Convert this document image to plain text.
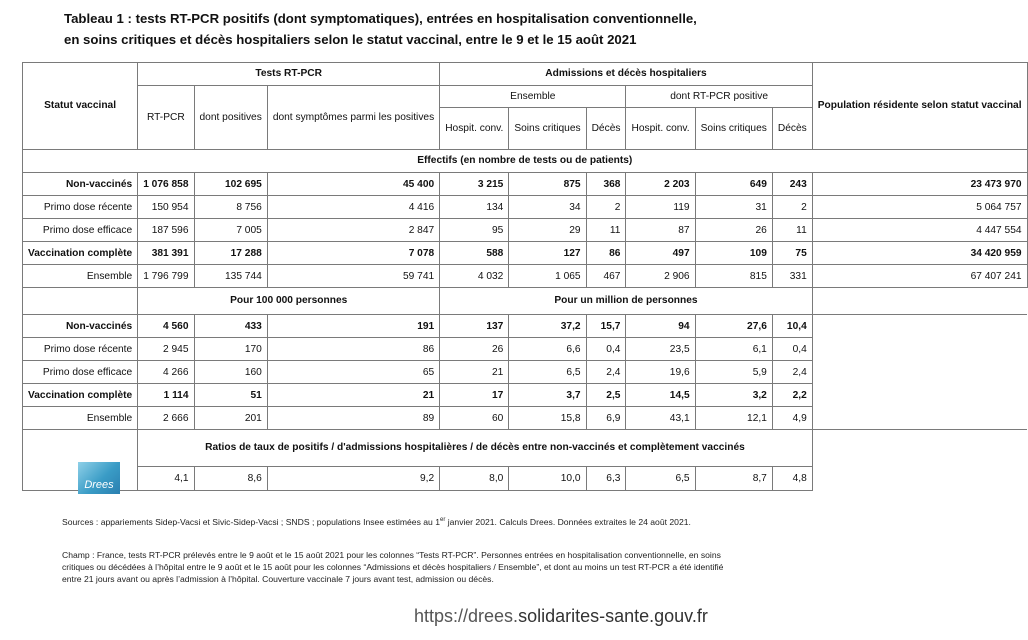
Tableau 1 : tests RT-PCR positifs (dont symptomatiques), entrées en hospitalisation conventionnelle,
en soins critiques et décès hospitaliers selon le statut vaccinal, entre le 9 et le 15 août 2021
Statut vaccinal	Tests RT-PCR			Admissions et décès hospitaliers						Population résidente selon statut vaccinal
	RT-PCR	dont positives	dont symptômes parmi les positives	Ensemble			dont RT-PCR positive			
				Hospit. conv.	Soins critiques	Décès	Hospit. conv.	Soins critiques	Décès	
Effectifs (en nombre de tests ou de patients)										
Non-vaccinés	1 076 858	102 695	45 400	3 215	875	368	2 203	649	243	23 473 970
Primo dose récente	150 954	8 756	4 416	134	34	2	119	31	2	5 064 757
Primo dose efficace	187 596	7 005	2 847	95	29	11	87	26	11	4 447 554
Vaccination complète	381 391	17 288	7 078	588	127	86	497	109	75	34 420 959
Ensemble	1 796 799	135 744	59 741	4 032	1 065	467	2 906	815	331	67 407 241
	Pour 100 000 personnes			Pour un million de personnes						
Non-vaccinés	4 560	433	191	137	37,2	15,7	94	27,6	10,4	
Primo dose récente	2 945	170	86	26	6,6	0,4	23,5	6,1	0,4	
Primo dose efficace	4 266	160	65	21	6,5	2,4	19,6	5,9	2,4	
Vaccination complète	1 114	51	21	17	3,7	2,5	14,5	3,2	2,2	
Ensemble	2 666	201	89	60	15,8	6,9	43,1	12,1	4,9	
	Ratios de taux de positifs / d'admissions hospitalières / de décès entre non-vaccinés et complètement vaccinés									
	4,1	8,6	9,2	8,0	10,0	6,3	6,5	8,7	4,8	
Drees
Sources : appariements Sidep-Vacsi et Sivic-Sidep-Vacsi ; SNDS ; populations Insee estimées au 1er janvier 2021. Calculs Drees. Données extraites le 24 août 2021.
Champ : France, tests RT-PCR prélevés entre le 9 août et le 15 août 2021 pour les colonnes “Tests RT-PCR”. Personnes entrées en hospitalisation conventionnelle, en soins critiques ou décédées à l’hôpital entre le 9 août et le 15 août pour les colonnes “Admissions et décès hospitaliers / Ensemble”, et dont au moins un test RT-PCR a été identifié entre 21 jours avant ou après l’admission à l’hôpital. Couverture vaccinale 7 jours avant test, admission ou décès.
https://drees.solidarites-sante.gouv.fr
